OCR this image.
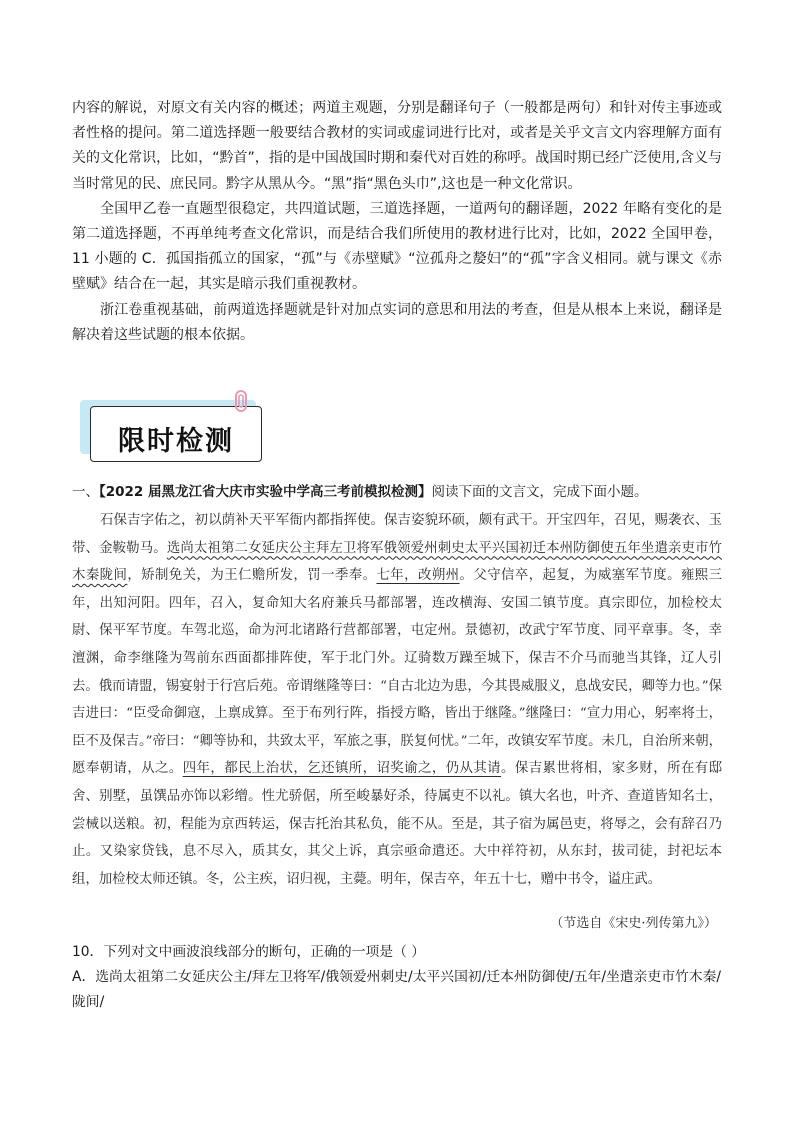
内容的解说，对原文有关内容的概述；两道主观题，分别是翻译句子（一般都是两句）和针对传主事迹或者性格的提问。第二道选择题一般要结合教材的实词或虚词进行比对，或者是关乎文言文内容理解方面有关的文化常识，比如，“黔首”，指的是中国战国时期和秦代对百姓的称呼。战国时期已经广泛使用,含义与当时常见的民、庶民同。黔字从黑从今。“黑”指“黑色头巾”,这也是一种文化常识。

全国甲乙卷一直题型很稳定，共四道试题，三道选择题，一道两句的翻译题，2022 年略有变化的是第二道选择题，不再单纯考查文化常识，而是结合我们所使用的教材进行比对，比如，2022 全国甲卷，11 小题的 C．孤国指孤立的国家，“孤”与《赤壁赋》“泣孤舟之嫠妇”的“孤”字含义相同。就与课文《赤壁赋》结合在一起，其实是暗示我们重视教材。

浙江卷重视基础，前两道选择题就是针对加点实词的意思和用法的考查，但是从根本上来说，翻译是解决着这些试题的根本依据。

限时检测
一、【2022 届黑龙江省大庆市实验中学高三考前模拟检测】阅读下面的文言文，完成下面小题。

石保吉字佑之，初以荫补天平军衙内都指挥使。保吉姿貌环硕，颇有武干。开宝四年，召见，赐袭衣、玉带、金鞍勒马。选尚太祖第二女延庆公主拜左卫将军俄领爱州刺史太平兴国初迁本州防御使五年坐遣亲吏市竹木秦陇间，矫制免关，为王仁赡所发，罚一季奉。七年，改朔州。父守信卒，起复，为威塞军节度。雍熙三年，出知河阳。四年，召入，复命知大名府兼兵马都部署，连改横海、安国二镇节度。真宗即位，加检校太尉、保平军节度。车驾北巡，命为河北诸路行营都部署，屯定州。景德初，改武宁军节度、同平章事。冬，幸澶渊，命李继隆为驾前东西面都排阵使，军于北门外。辽骑数万躁至城下，保吉不介马而驰当其锋，辽人引去。俄而请盟，锡宴射于行宫后苑。帝谓继隆等曰：“自古北边为患，今其畏威服义，息战安民，卿等力也。”保吉进曰：“臣受命御寇，上禀成算。至于布列行阵，指授方略，皆出于继隆。”继隆曰：“宣力用心，躬率将士，臣不及保吉。”帝曰：“卿等协和，共致太平，军旅之事，朕复何忧。”二年，改镇安军节度。未几，自治所来朝，愿奉朝请，从之。四年，都民上治状，乞还镇所，诏奖谕之，仍从其请。保吉累世将相，家多财，所在有邸舍、别墅，虽馔品亦饰以彩缯。性尤骄倨，所至峻暴好杀，待属吏不以礼。镇大名也，叶齐、查道皆知名士，尝械以送粮。初，程能为京西转运，保吉托治其私负，能不从。至是，其子宿为属邑吏，将辱之，会有辞召乃止。又染家贷钱，息不尽入，质其女，其父上诉，真宗亟命遣还。大中祥符初，从东封，拔司徒，封祀坛本组，加检校太师还镇。冬，公主疾，诏归视，主薨。明年，保吉卒，年五十七，赠中书令，谥庄武。

（节选自《宋史·列传第九》）

10．下列对文中画波浪线部分的断句，正确的一项是（ ）

A．选尚太祖第二女延庆公主/拜左卫将军/俄领爱州刺史/太平兴国初/迁本州防御使/五年/坐遣亲吏市竹木秦/陇间/
